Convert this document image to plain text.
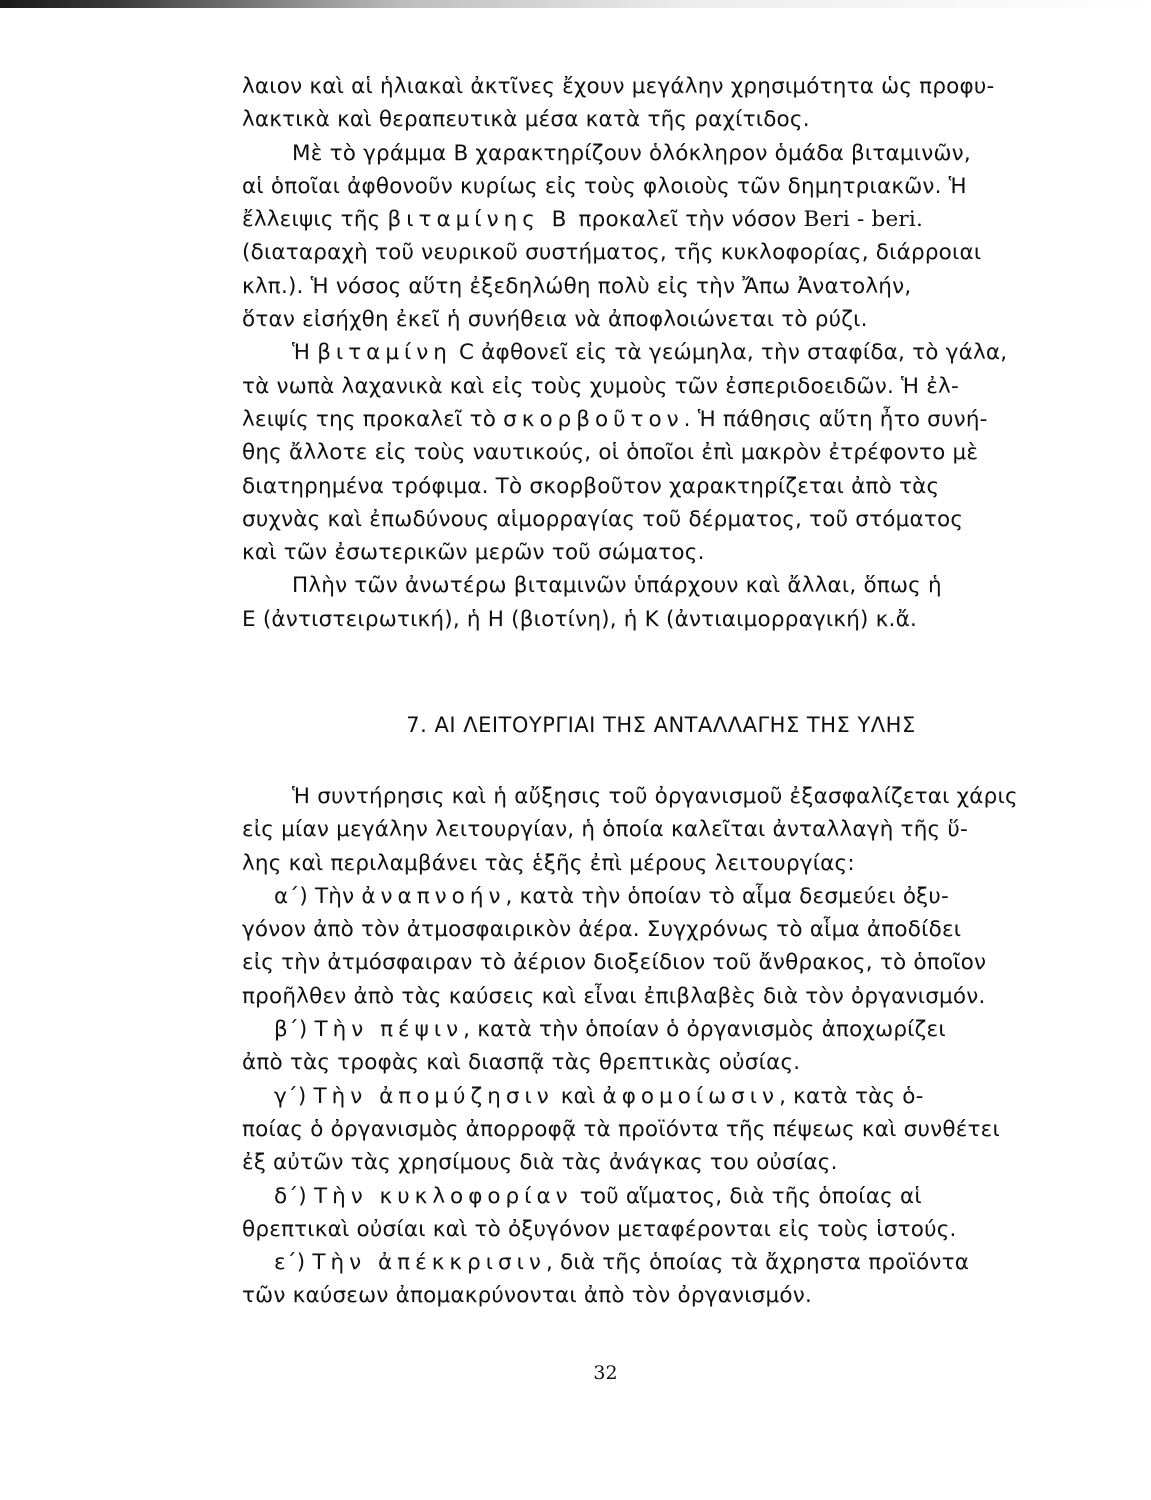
λαιον καὶ αἱ ἡλιακαὶ ἀκτῖνες ἔχουν μεγάλην χρησιμότητα ὡς προφυ-
λακτικὰ καὶ θεραπευτικὰ μέσα κατὰ τῆς ραχίτιδος.
Μὲ τὸ γράμμα Β χαρακτηρίζουν ὁλόκληρον ὁμάδα βιταμινῶν,
αἱ ὁποῖαι ἀφθονοῦν κυρίως εἰς τοὺς φλοιοὺς τῶν δημητριακῶν. Ἡ
ἔλλειψις τῆς βιταμίνης Β προκαλεῖ τὴν νόσον Beri - beri.
(διαταραχὴ τοῦ νευρικοῦ συστήματος, τῆς κυκλοφορίας, διάρροιαι
κλπ.). Ἡ νόσος αὕτη ἐξεδηλώθη πολὺ εἰς τὴν Ἄπω Ἀνατολήν,
ὅταν εἰσήχθη ἐκεῖ ἡ συνήθεια νὰ ἀποφλοιώνεται τὸ ρύζι.
Ἡ βιταμίνη C ἀφθονεῖ εἰς τὰ γεώμηλα, τὴν σταφίδα, τὸ γάλα,
τὰ νωπὰ λαχανικὰ καὶ εἰς τοὺς χυμοὺς τῶν ἐσπεριδοειδῶν. Ἡ ἐλ-
λειψίς της προκαλεῖ τὸ σκορβοῦτον. Ἡ πάθησις αὕτη ἦτο συνή-
θης ἄλλοτε εἰς τοὺς ναυτικούς, οἱ ὁποῖοι ἐπὶ μακρὸν ἐτρέφοντο μὲ
διατηρημένα τρόφιμα. Τὸ σκορβοῦτον χαρακτηρίζεται ἀπὸ τὰς
συχνὰς καὶ ἐπωδύνους αἱμορραγίας τοῦ δέρματος, τοῦ στόματος
καὶ τῶν ἐσωτερικῶν μερῶν τοῦ σώματος.
Πλὴν τῶν ἀνωτέρω βιταμινῶν ὑπάρχουν καὶ ἄλλαι, ὅπως ἡ
Ε (ἀντιστειρωτική), ἡ Η (βιοτίνη), ἡ Κ (ἀντιαιμορραγική) κ.ἄ.
7. ΑΙ ΛΕΙΤΟΥΡΓΙΑΙ ΤΗΣ ΑΝΤΑΛΛΑΓΗΣ ΤΗΣ ΥΛΗΣ
Ἡ συντήρησις καὶ ἡ αὔξησις τοῦ ὀργανισμοῦ ἐξασφαλίζεται χάρις
εἰς μίαν μεγάλην λειτουργίαν, ἡ ὁποία καλεῖται ἀνταλλαγὴ τῆς ὕ-
λης καὶ περιλαμβάνει τὰς ἑξῆς ἐπὶ μέρους λειτουργίας:
α΄) Τὴν ἀναπνοήν, κατὰ τὴν ὁποίαν τὸ αἷμα δεσμεύει ὀξυ-
γόνον ἀπὸ τὸν ἀτμοσφαιρικὸν ἀέρα. Συγχρόνως τὸ αἷμα ἀποδίδει
εἰς τὴν ἀτμόσφαιραν τὸ ἀέριον διοξείδιον τοῦ ἄνθρακος, τὸ ὁποῖον
προῆλθεν ἀπὸ τὰς καύσεις καὶ εἶναι ἐπιβλαβὲς διὰ τὸν ὀργανισμόν.
β΄) Τὴν πέψιν, κατὰ τὴν ὁποίαν ὁ ὀργανισμὸς ἀποχωρίζει
ἀπὸ τὰς τροφὰς καὶ διασπᾷ τὰς θρεπτικὰς οὐσίας.
γ΄) Τὴν ἀπομύζησιν καὶ ἀφομοίωσιν, κατὰ τὰς ὁ-
ποίας ὁ ὀργανισμὸς ἀπορροφᾷ τὰ προϊόντα τῆς πέψεως καὶ συνθέτει
ἐξ αὐτῶν τὰς χρησίμους διὰ τὰς ἀνάγκας του οὐσίας.
δ΄) Τὴν κυκλοφορίαν τοῦ αἵματος, διὰ τῆς ὁποίας αἱ
θρεπτικαὶ οὐσίαι καὶ τὸ ὀξυγόνον μεταφέρονται εἰς τοὺς ἱστούς.
ε΄) Τὴν ἀπέκκρισιν, διὰ τῆς ὁποίας τὰ ἄχρηστα προϊόντα
τῶν καύσεων ἀπομακρύνονται ἀπὸ τὸν ὀργανισμόν.
32
